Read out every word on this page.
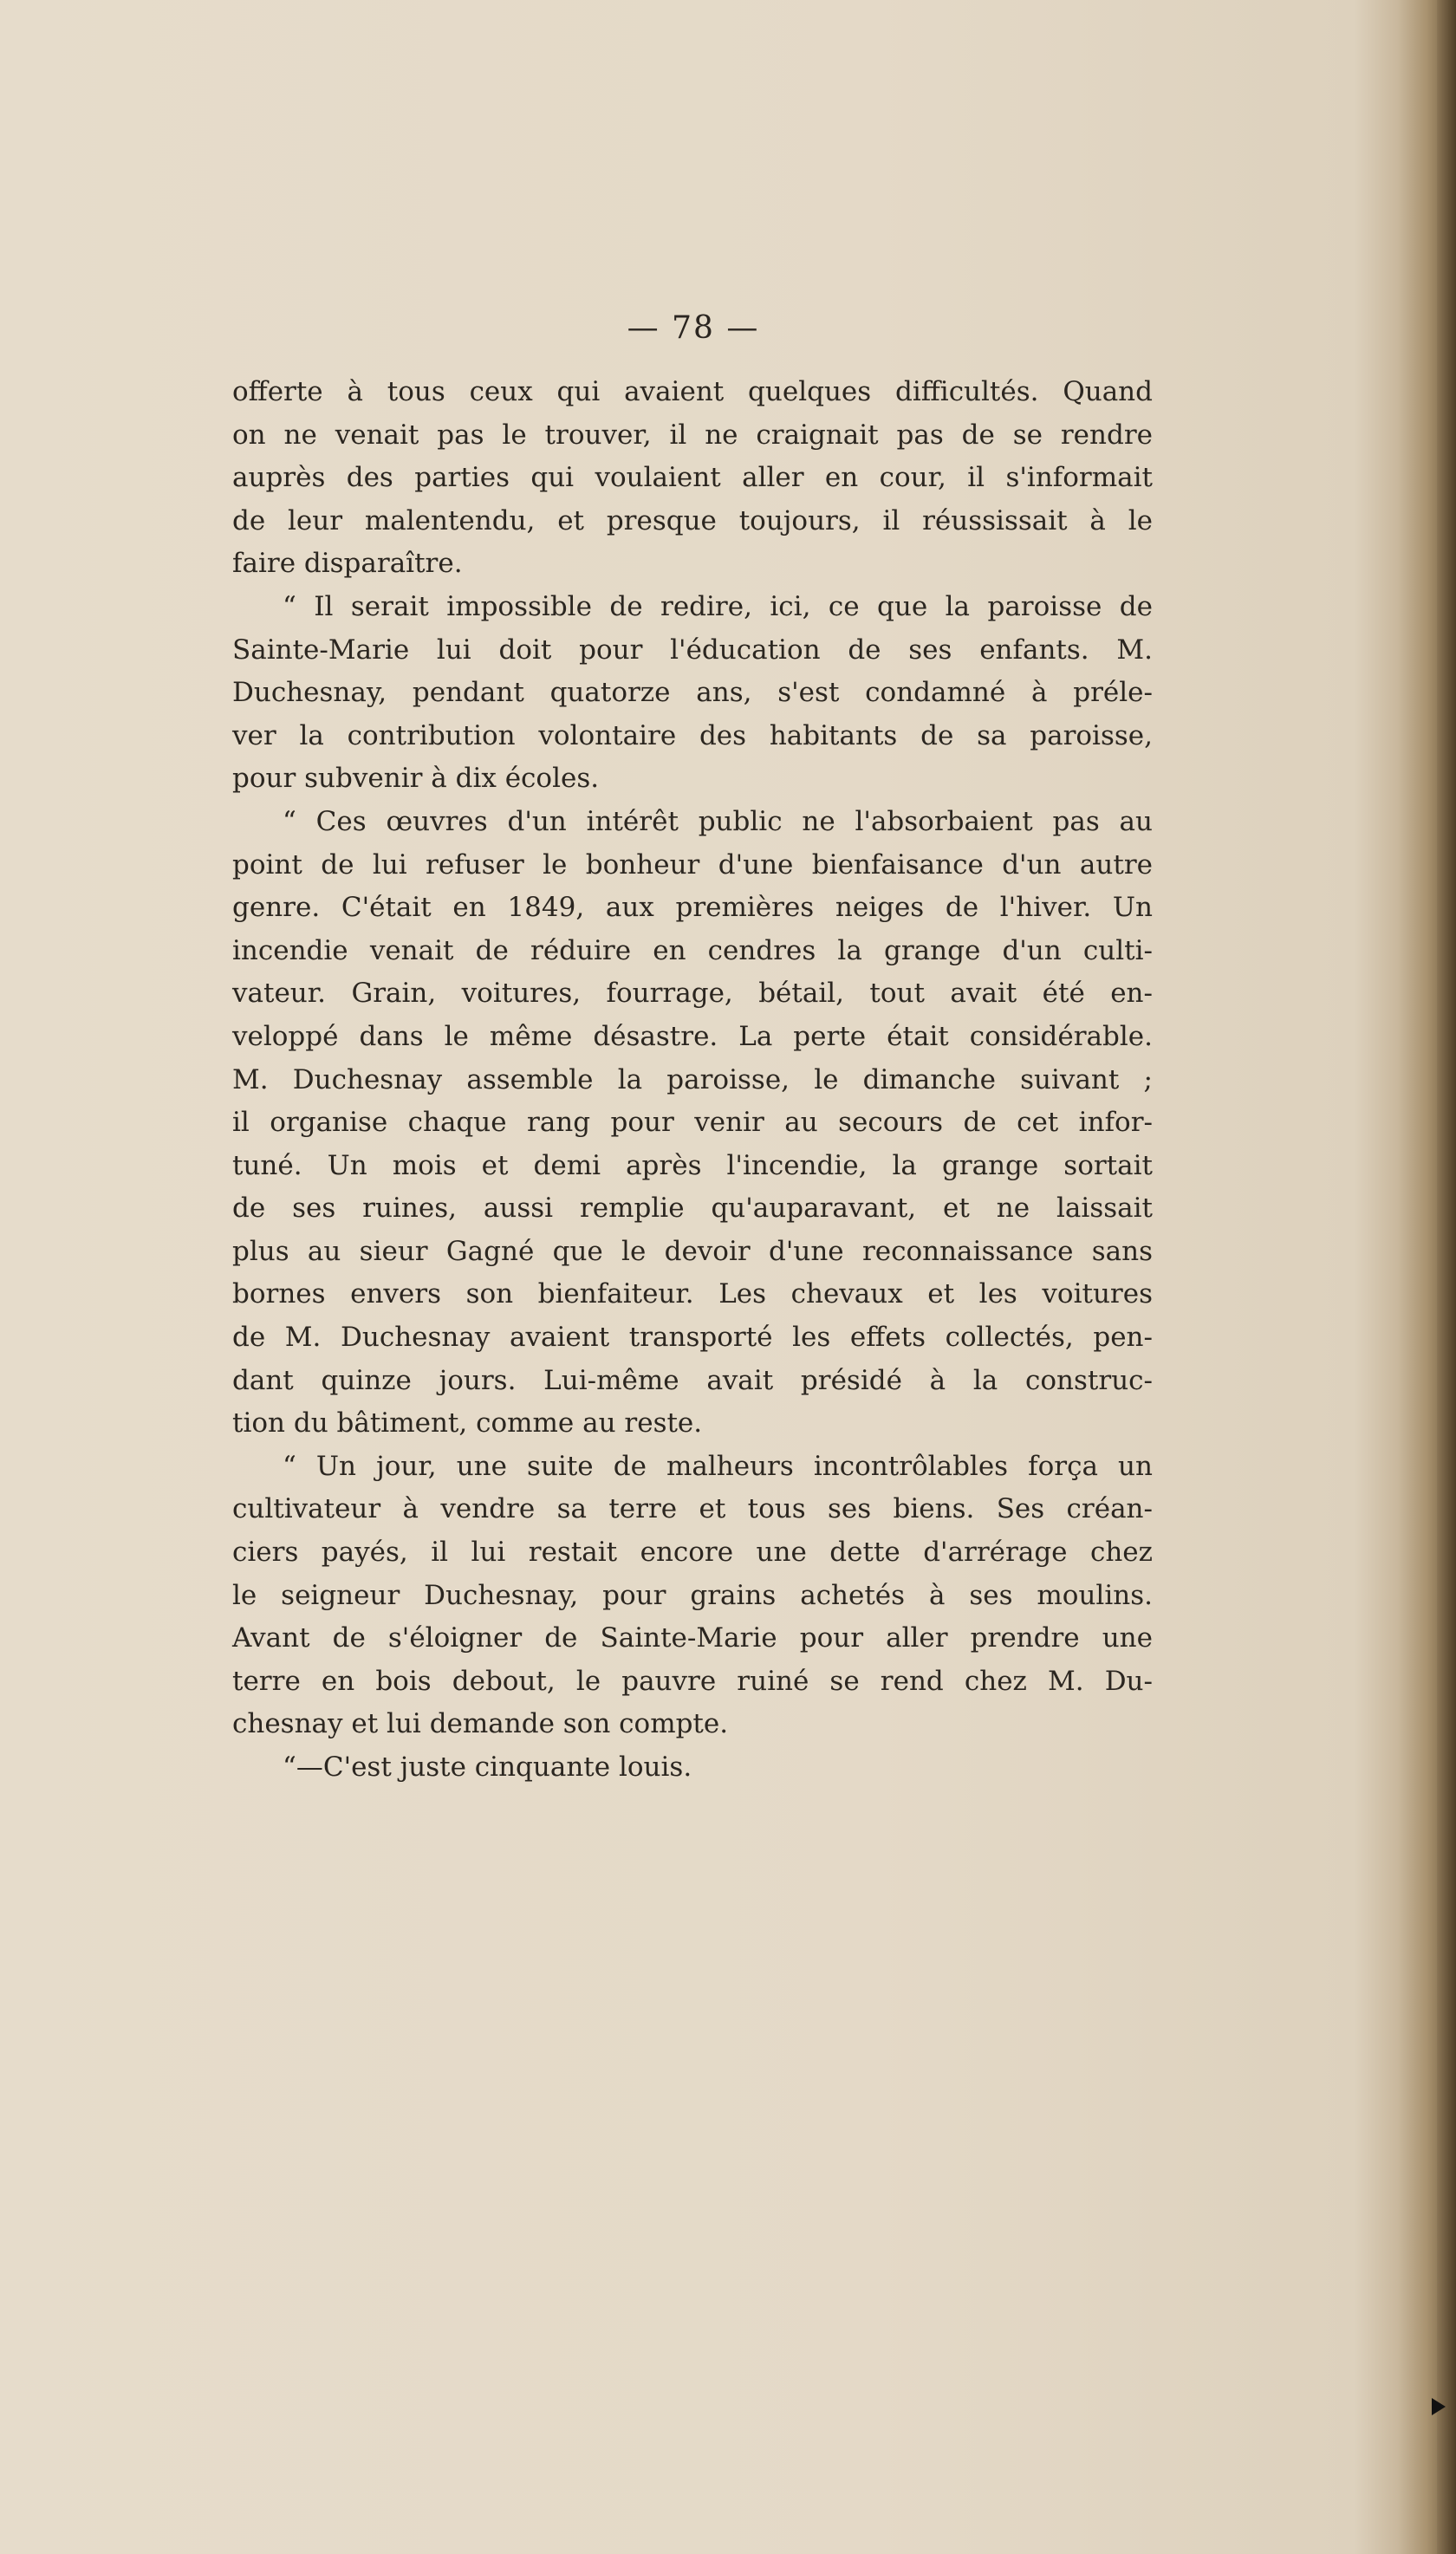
— 78 —
offerte à tous ceux qui avaient quelques difficultés. Quand
on ne venait pas le trouver, il ne craignait pas de se rendre
auprès des parties qui voulaient aller en cour, il s'informait
de leur malentendu, et presque toujours, il réussissait à le
faire disparaître.
“ Il serait impossible de redire, ici, ce que la paroisse de
Sainte-Marie lui doit pour l'éducation de ses enfants. M.
Duchesnay, pendant quatorze ans, s'est condamné à préle-
ver la contribution volontaire des habitants de sa paroisse,
pour subvenir à dix écoles.
“ Ces œuvres d'un intérêt public ne l'absorbaient pas au
point de lui refuser le bonheur d'une bienfaisance d'un autre
genre. C'était en 1849, aux premières neiges de l'hiver. Un
incendie venait de réduire en cendres la grange d'un culti-
vateur. Grain, voitures, fourrage, bétail, tout avait été en-
veloppé dans le même désastre. La perte était considérable.
M. Duchesnay assemble la paroisse, le dimanche suivant ;
il organise chaque rang pour venir au secours de cet infor-
tuné. Un mois et demi après l'incendie, la grange sortait
de ses ruines, aussi remplie qu'auparavant, et ne laissait
plus au sieur Gagné que le devoir d'une reconnaissance sans
bornes envers son bienfaiteur. Les chevaux et les voitures
de M. Duchesnay avaient transporté les effets collectés, pen-
dant quinze jours. Lui-même avait présidé à la construc-
tion du bâtiment, comme au reste.
“ Un jour, une suite de malheurs incontrôlables força un
cultivateur à vendre sa terre et tous ses biens. Ses créan-
ciers payés, il lui restait encore une dette d'arrérage chez
le seigneur Duchesnay, pour grains achetés à ses moulins.
Avant de s'éloigner de Sainte-Marie pour aller prendre une
terre en bois debout, le pauvre ruiné se rend chez M. Du-
chesnay et lui demande son compte.
“—C'est juste cinquante louis.
